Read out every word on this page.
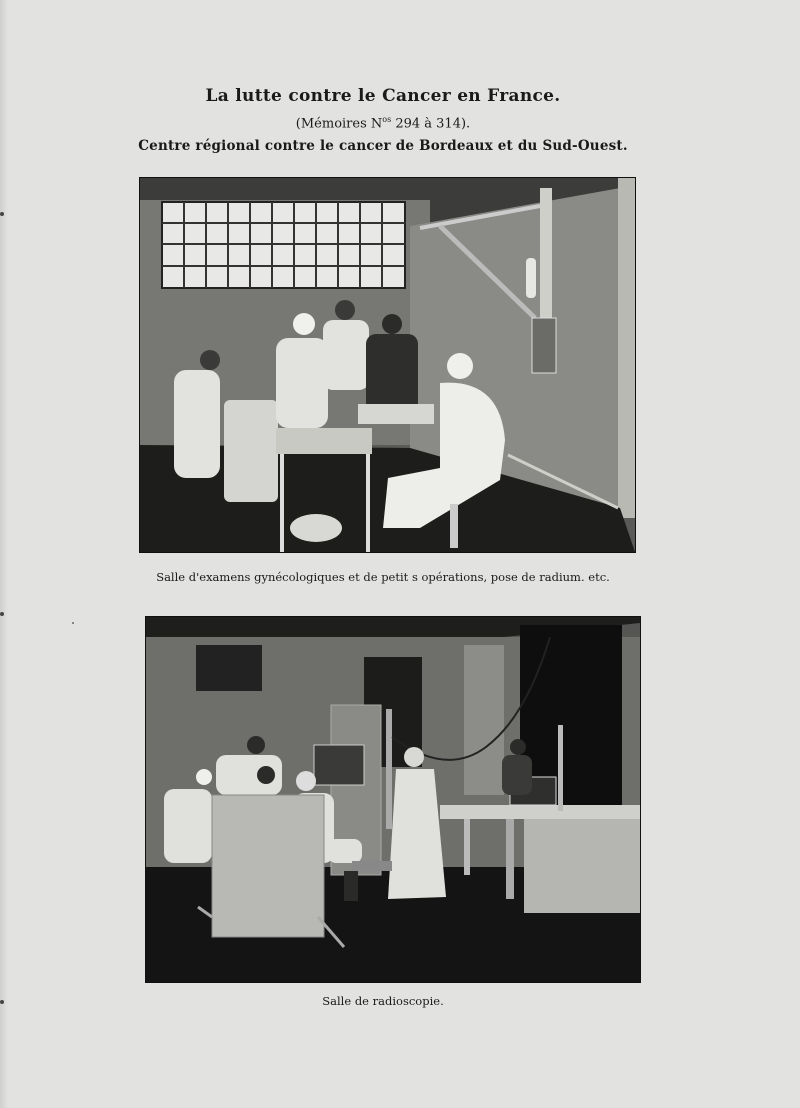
La lutte contre le Cancer en France.
(Mémoires $N^{os}$ 294 à 314).
Centre régional contre le cancer de Bordeaux et du Sud-Ouest.
Salle d'examens gynécologiques et de petit s opérations, pose de radium. etc.
Salle de radioscopie.
